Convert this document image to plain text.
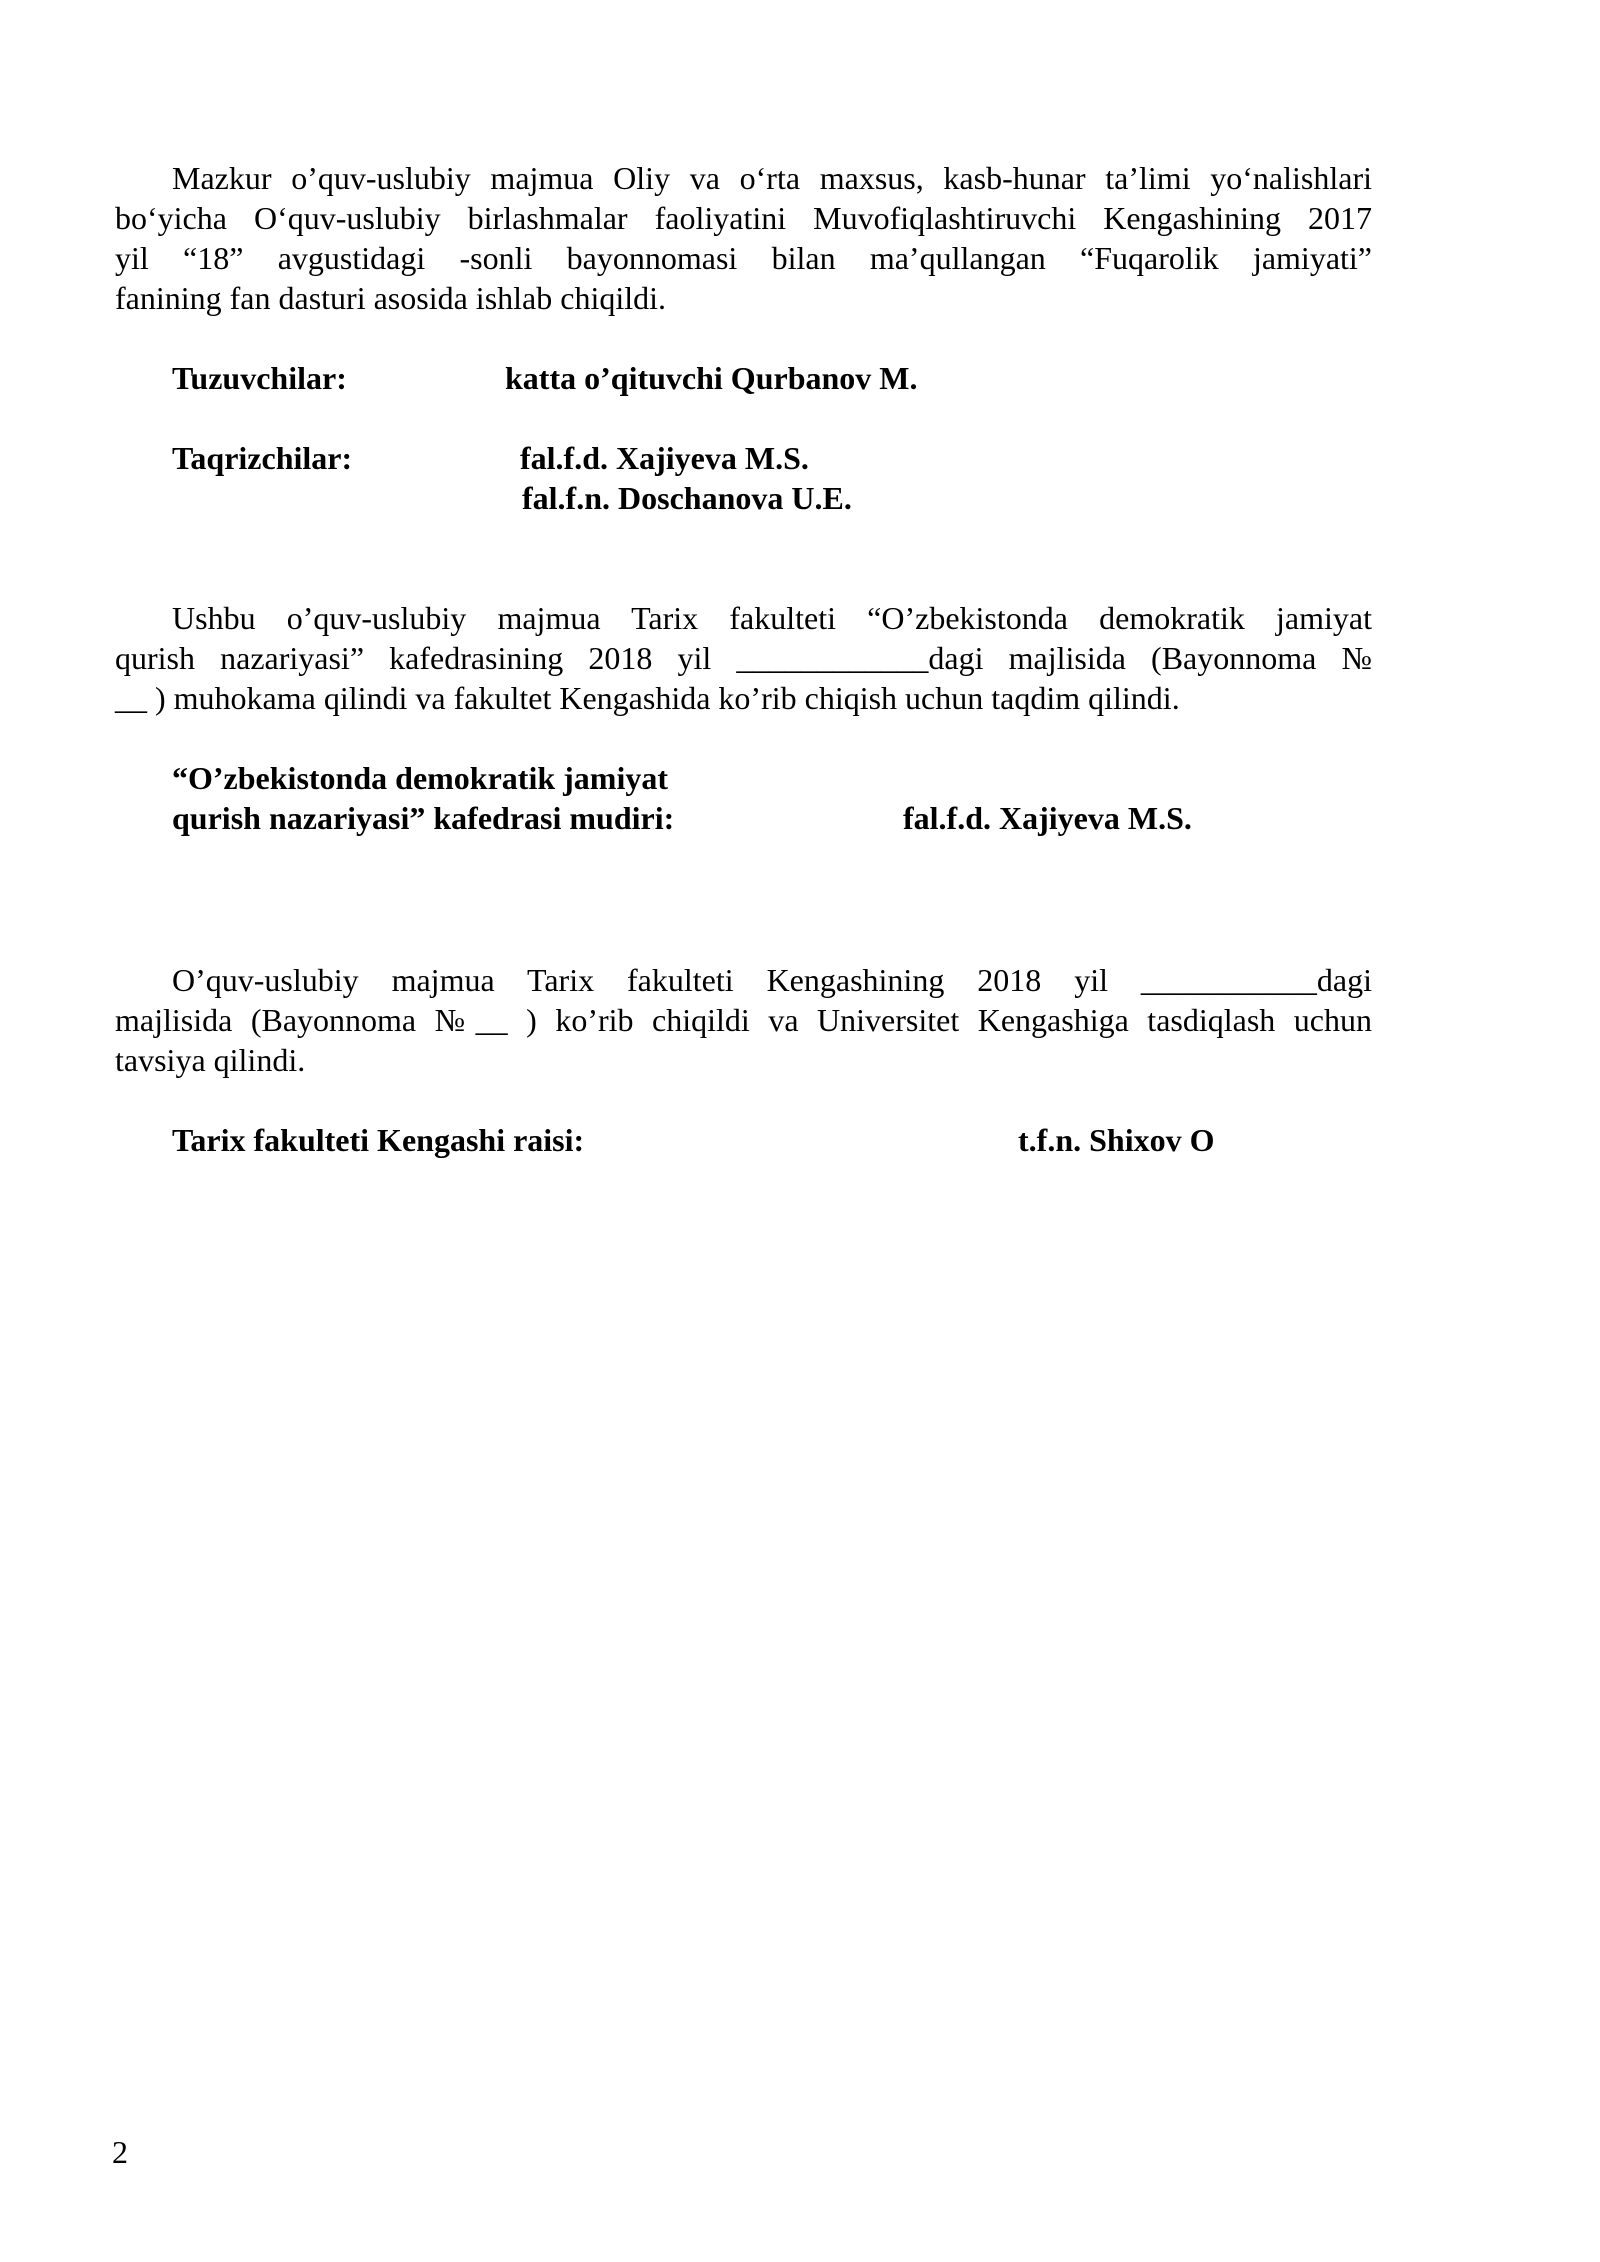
Mazkur o’quv-uslubiy majmua Oliy va oʻrta maxsus, kasb-hunar taʼlimi yoʻnalishlari
boʻyicha Oʻquv-uslubiy birlashmalar faoliyatini Muvofiqlashtiruvchi Kengashining 2017
yil “18” avgustidagi -sonli bayonnomasi bilan ma’qullangan “Fuqarolik jamiyati”
fanining fan dasturi asosida ishlab chiqildi.

Tuzuvchilar:	katta o’qituvchi Qurbanov M.

Taqrizchilar:	fal.f.d. Xajiyeva M.S.

fal.f.n. Doschanova U.E.

Ushbu o’quv-uslubiy majmua Tarix fakulteti “O’zbekistonda demokratik jamiyat
qurish nazariyasi” kafedrasining 2018 yil ____________dagi majlisida (Bayonnoma №
__ ) muhokama qilindi va fakultet Kengashida ko’rib chiqish uchun taqdim qilindi.

“O’zbekistonda demokratik jamiyat

qurish nazariyasi” kafedrasi mudiri:	fal.f.d. Xajiyeva M.S.

O’quv-uslubiy majmua Tarix fakulteti Kengashining 2018 yil ___________dagi
majlisida (Bayonnoma №__ ) ko’rib chiqildi va Universitet Kengashiga tasdiqlash uchun
tavsiya qilindi.

Tarix fakulteti Kengashi raisi:	t.f.n. Shixov O

2
